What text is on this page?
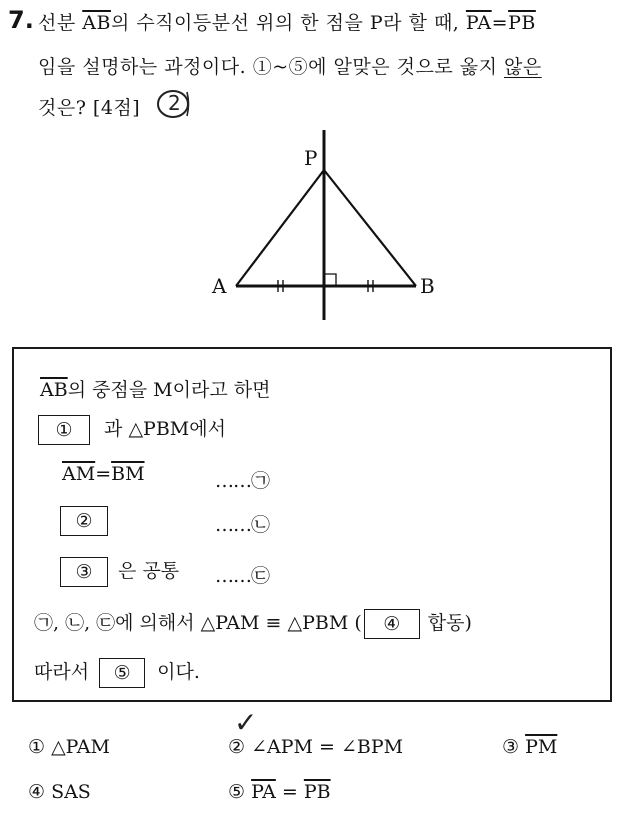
7. 선분 $\overline{AB}$의 수직이등분선 위의 한 점을 P라 할 때, $\overline{PA}=\overline{PB}$
임을 설명하는 과정이다. ①~⑤에 알맞은 것으로 옳지 않은
것은? [4점] 2
P
A	B
$\overline{AB}$의 중점을 M이라고 하면
① 과 △PBM에서
$\overline{AM}=\overline{BM}$	……㉠
②	……㉡
③ 은 공통 ……㉢
㉠, ㉡, ㉢에 의해서 △PAM ≡ △PBM ( ④ 합동)
따라서 ⑤ 이다.
① △PAM	② ∠APM = ∠BPM
✓
③ $\overline{PM}$
④ SAS	⑤ $\overline{PA} = \overline{PB}$
